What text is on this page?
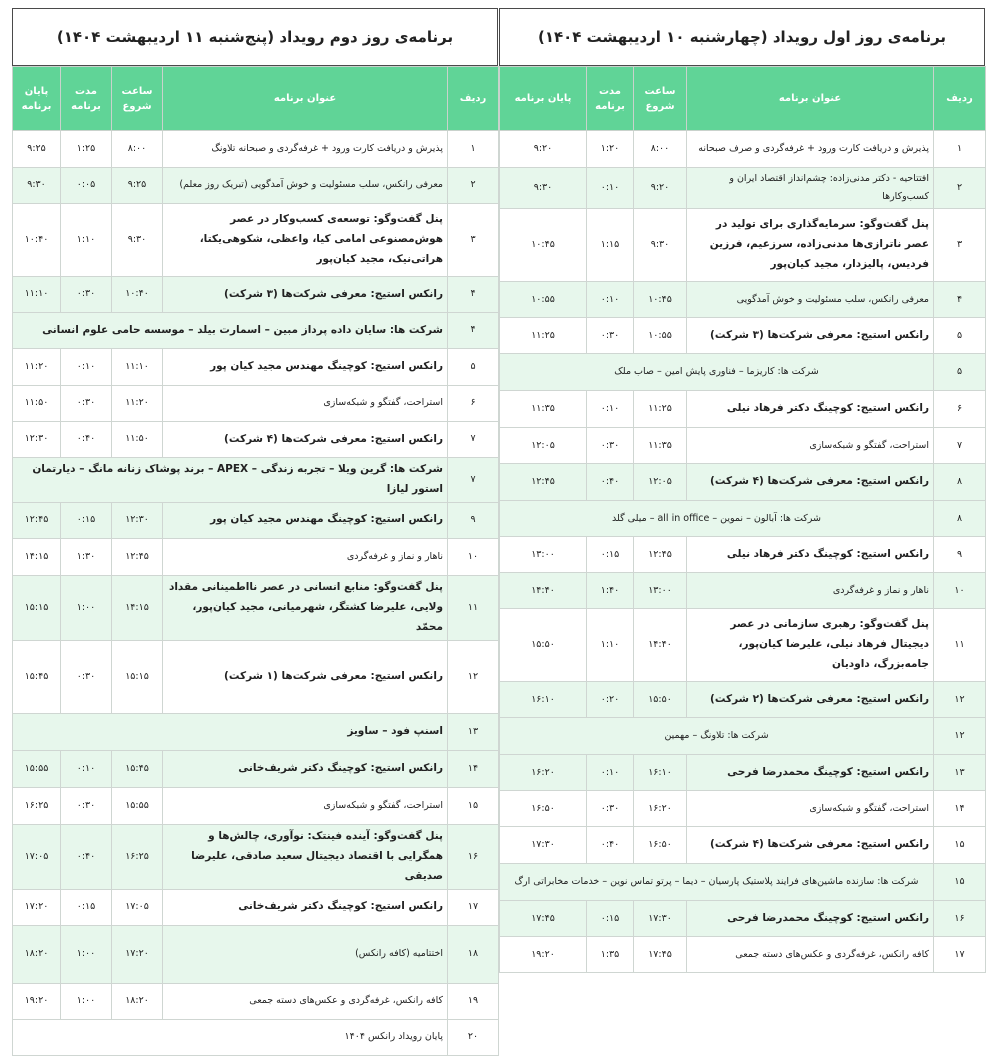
برنامه‌ی روز اول رویداد (چهارشنبه ۱۰ اردیبهشت ۱۴۰۴)
ردیف	عنوان برنامه	ساعت شروع	مدت برنامه	پایان برنامه
۱	پذیرش و دریافت کارت ورود + غرفه‌گردی و صرف صبحانه	۸:۰۰	۱:۲۰	۹:۲۰
۲	افتتاحیه - دکتر مدنی‌زاده: چشم‌انداز اقتصاد ایران و کسب‌وکارها	۹:۲۰	۰:۱۰	۹:۳۰
۳	پنل گفت‌وگو: سرمایه‌گذاری برای تولید در عصر ناترازی‌ها مدنی‌زاده، سرزعیم، فرزین فردیس، پالیزدار، مجید کیان‌پور	۹:۳۰	۱:۱۵	۱۰:۴۵
۴	معرفی رانکس، سلب مسئولیت و خوش آمدگویی	۱۰:۴۵	۰:۱۰	۱۰:۵۵
۵	رانکس استیج: معرفی شرکت‌ها (۳ شرکت)	۱۰:۵۵	۰:۳۰	۱۱:۲۵
۵	شرکت ها: کاریزما – فناوری پایش امین – صاب ملک			
۶	رانکس استیج: کوچینگ دکتر فرهاد نیلی	۱۱:۲۵	۰:۱۰	۱۱:۳۵
۷	استراحت، گفتگو و شبکه‌سازی	۱۱:۳۵	۰:۳۰	۱۲:۰۵
۸	رانکس استیج: معرفی شرکت‌ها (۴ شرکت)	۱۲:۰۵	۰:۴۰	۱۲:۴۵
۸	شرکت ها: آبالون – نموین – all in office – میلی گلد			
۹	رانکس استیج: کوچینگ دکتر فرهاد نیلی	۱۲:۴۵	۰:۱۵	۱۳:۰۰
۱۰	ناهار و نماز و غرفه‌گردی	۱۳:۰۰	۱:۴۰	۱۴:۴۰
۱۱	پنل گفت‌وگو: رهبری سازمانی در عصر دیجیتال فرهاد نیلی، علیرضا کیان‌پور، جامه‌بزرگ، داودیان	۱۴:۴۰	۱:۱۰	۱۵:۵۰
۱۲	رانکس استیج: معرفی شرکت‌ها (۲ شرکت)	۱۵:۵۰	۰:۲۰	۱۶:۱۰
۱۲	شرکت ها: تلاونگ – مهمین			
۱۳	رانکس استیج: کوچینگ محمدرضا فرحی	۱۶:۱۰	۰:۱۰	۱۶:۲۰
۱۴	استراحت، گفتگو و شبکه‌سازی	۱۶:۲۰	۰:۳۰	۱۶:۵۰
۱۵	رانکس استیج: معرفی شرکت‌ها (۴ شرکت)	۱۶:۵۰	۰:۴۰	۱۷:۳۰
۱۵	شرکت ها: سازنده ماشین‌های فرایند پلاستیک پارسیان – دیما – پرتو تماس نوین – خدمات مخابراتی ارگ			
۱۶	رانکس استیج: کوچینگ محمدرضا فرحی	۱۷:۳۰	۰:۱۵	۱۷:۴۵
۱۷	کافه رانکس، غرفه‌گردی و عکس‌های دسته جمعی	۱۷:۴۵	۱:۳۵	۱۹:۲۰
برنامه‌ی روز دوم رویداد (پنج‌شنبه ۱۱ اردیبهشت ۱۴۰۴)
ردیف	عنوان برنامه	ساعت شروع	مدت برنامه	پایان برنامه
۱	پذیرش و دریافت کارت ورود + غرفه‌گردی و صبحانه تلاونگ	۸:۰۰	۱:۲۵	۹:۲۵
۲	معرفی رانکس، سلب مسئولیت و خوش آمدگویی (تبریک روز معلم)	۹:۲۵	۰:۰۵	۹:۳۰
۳	پنل گفت‌وگو: توسعه‌ی کسب‌وکار در عصر هوش‌مصنوعی امامی کیا، واعظی، شکوهی‌یکتا، هراتی‌نیک، مجید کیان‌پور	۹:۳۰	۱:۱۰	۱۰:۴۰
۴	رانکس استیج: معرفی شرکت‌ها (۳ شرکت)	۱۰:۴۰	۰:۳۰	۱۱:۱۰
۴	شرکت ها: سایان داده پرداز مبین – اسمارت بیلد – موسسه حامی علوم انسانی			
۵	رانکس استیج: کوچینگ مهندس مجید کیان پور	۱۱:۱۰	۰:۱۰	۱۱:۲۰
۶	استراحت، گفتگو و شبکه‌سازی	۱۱:۲۰	۰:۳۰	۱۱:۵۰
۷	رانکس استیج: معرفی شرکت‌ها (۴ شرکت)	۱۱:۵۰	۰:۴۰	۱۲:۳۰
۷	شرکت ها: گرین ویلا – تجربه زندگی – APEX – برند پوشاک زنانه مانگ – دیارتمان استور لیازا			
۹	رانکس استیج: کوچینگ مهندس مجید کیان پور	۱۲:۳۰	۰:۱۵	۱۲:۴۵
۱۰	ناهار و نماز و غرفه‌گردی	۱۲:۴۵	۱:۳۰	۱۴:۱۵
۱۱	پنل گفت‌وگو: منابع انسانی در عصر نااطمینانی مقداد ولایی، علیرضا کشتگر، شهرمیانی، مجید کیان‌پور، محمّد	۱۴:۱۵	۱:۰۰	۱۵:۱۵
۱۲	رانکس استیج: معرفی شرکت‌ها (۱ شرکت)	۱۵:۱۵	۰:۳۰	۱۵:۴۵
۱۳	اسنپ فود – ساویز			
۱۴	رانکس استیج: کوچینگ دکتر شریف‌خانی	۱۵:۴۵	۰:۱۰	۱۵:۵۵
۱۵	استراحت، گفتگو و شبکه‌سازی	۱۵:۵۵	۰:۳۰	۱۶:۲۵
۱۶	پنل گفت‌وگو: آینده فینتک: نوآوری، چالش‌ها و همگرایی با اقتصاد دیجیتال سعید صادقی، علیرضا صدیقی	۱۶:۲۵	۰:۴۰	۱۷:۰۵
۱۷	رانکس استیج: کوچینگ دکتر شریف‌خانی	۱۷:۰۵	۰:۱۵	۱۷:۲۰
۱۸	اختتامیه (کافه رانکس)	۱۷:۲۰	۱:۰۰	۱۸:۲۰
۱۹	کافه رانکس، غرفه‌گردی و عکس‌های دسته جمعی	۱۸:۲۰	۱:۰۰	۱۹:۲۰
۲۰	پایان رویداد رانکس ۱۴۰۴			
